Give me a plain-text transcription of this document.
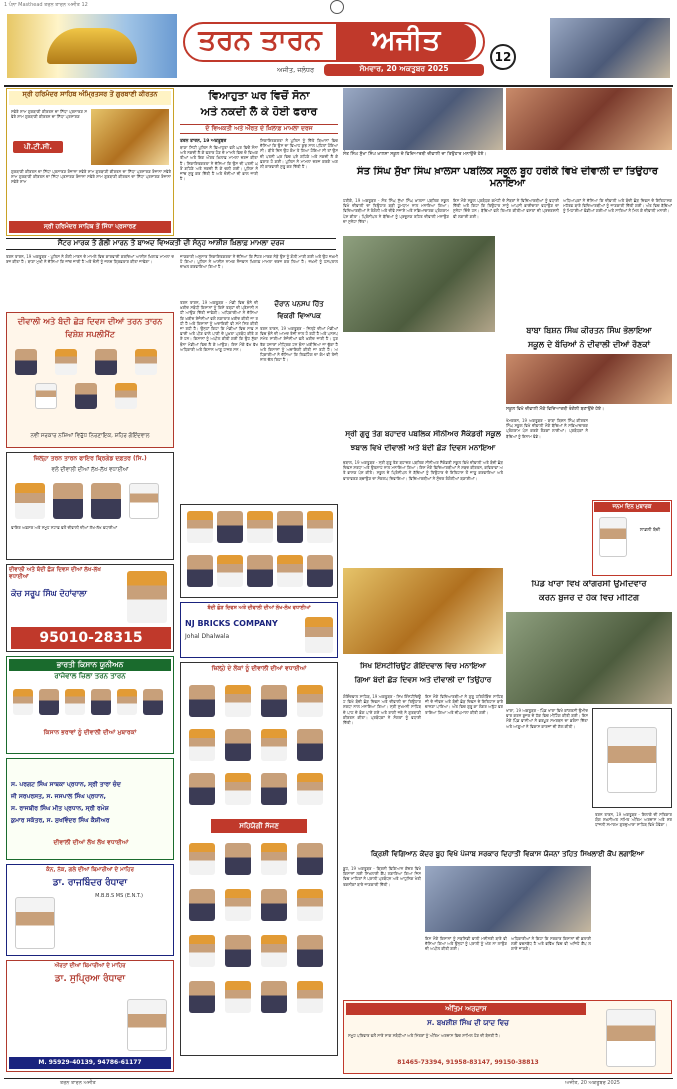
1 ਪੰਨਾ Masthead ਤਰਨ ਤਾਰਨ ਅਜੀਤ 12
ਤਰਨ ਤਾਰਨ	ਅਜੀਤ
ਅਜੀਤ, ਜਲੰਧਰ	ਸੋਮਵਾਰ, 20 ਅਕਤੂਬਰ 2025
12
ਸ੍ਰੀ ਹਰਿਮੰਦਰ ਸਾਹਿਬ ਅੰਮ੍ਰਿਤਸਰ ਤੋਂ ਗੁਰਬਾਣੀ ਕੀਰਤਨ
ਪੀ.ਟੀ.ਸੀ.
ਸਵੇਰੇ ਸ਼ਾਮ ਗੁਰਬਾਣੀ ਕੀਰਤਨ ਦਾ ਸਿੱਧਾ ਪ੍ਰਸਾਰਣ ਸਵੇਰੇ ਸ਼ਾਮ ਗੁਰਬਾਣੀ ਕੀਰਤਨ ਦਾ ਸਿੱਧਾ ਪ੍ਰਸਾਰਣ
ਗੁਰਬਾਣੀ ਕੀਰਤਨ ਦਾ ਸਿੱਧਾ ਪ੍ਰਸਾਰਣ ਰੋਜ਼ਾਨਾ ਸਵੇਰੇ ਸ਼ਾਮ ਗੁਰਬਾਣੀ ਕੀਰਤਨ ਦਾ ਸਿੱਧਾ ਪ੍ਰਸਾਰਣ ਰੋਜ਼ਾਨਾ ਸਵੇਰੇ ਸ਼ਾਮ ਗੁਰਬਾਣੀ ਕੀਰਤਨ ਦਾ ਸਿੱਧਾ ਪ੍ਰਸਾਰਣ ਰੋਜ਼ਾਨਾ ਸਵੇਰੇ ਸ਼ਾਮ ਗੁਰਬਾਣੀ ਕੀਰਤਨ ਦਾ ਸਿੱਧਾ ਪ੍ਰਸਾਰਣ ਰੋਜ਼ਾਨਾ ਸਵੇਰੇ ਸ਼ਾਮ
ਸ੍ਰੀ ਹਰਿਮੰਦਰ ਸਾਹਿਬ ਤੋਂ ਸਿੱਧਾ ਪ੍ਰਸਾਰਣ
ਸੈਂਟਰ ਮਾਰਕ ਤੋਂ ਗੋਲੀ ਮਾਰਨ ਤੋਂ ਬਾਅਦ ਵਿਅਕਤੀ ਦੀ ਸੰਨ੍ਹ ਆਸ਼ੀਸ਼ ਖ਼ਿਲਾਫ਼ ਮਾਮਲਾ ਦਰਜ
ਤਰਨ ਤਾਰਨ, 19 ਅਕਤੂਬਰ - ਪੁਲਿਸ ਨੇ ਗੋਲੀ ਮਾਰਨ ਦੇ ਮਾਮਲੇ ਵਿਚ ਕਾਰਵਾਈ ਕਰਦਿਆਂ ਆਸ਼ੀਸ਼ ਖ਼ਿਲਾਫ਼ ਮਾਮਲਾ ਦਰਜ ਕੀਤਾ ਹੈ। ਥਾਣਾ ਮੁਖੀ ਨੇ ਦੱਸਿਆ ਕਿ ਜਾਂਚ ਜਾਰੀ ਹੈ ਅਤੇ ਦੋਸ਼ੀ ਨੂੰ ਜਲਦ ਗ੍ਰਿਫ਼ਤਾਰ ਕੀਤਾ ਜਾਵੇਗਾ।
ਦੀਵਾਲੀ ਅਤੇ ਬੰਦੀ ਛੋੜ ਦਿਵਸ ਦੀਆਂ ਤਰਨ ਤਾਰਨ ਵਿਸ਼ੇਸ਼ ਸਪਲੀਮੈਂਟ
ਨਵੀਂ ਸਰਕਾਰ ਨਸ਼ਿਆਂ ਵਿਰੁੱਧ ਨਿਰਣਾਇਕ, ਸ਼ਹਿਰ ਗੋਇੰਦਵਾਲ
ਜ਼ਿਲ੍ਹਾ ਤਰਨ ਤਾਰਨ ਫਾਇਰ ਬ੍ਰਿਗੇਡ ਦਫ਼ਤਰ (ਸਿ.)
ਵਲੋਂ ਦੀਵਾਲੀ ਦੀਆਂ ਲੱਖ-ਲੱਖ ਵਧਾਈਆਂ
ਫਾਇਰ ਅਫ਼ਸਰ ਅਤੇ ਸਮੂਹ ਸਟਾਫ਼ ਵਲੋਂ ਦੀਵਾਲੀ ਦੀਆਂ ਲੱਖ-ਲੱਖ ਵਧਾਈਆਂ
ਦੀਵਾਲੀ ਅਤੇ ਬੰਦੀ ਛੋੜ ਦਿਵਸ ਦੀਆਂ ਲੱਖ-ਲੱਖ ਵਧਾਈਆਂ
ਕੋਚ ਸਰੂਪ ਸਿੰਘ ਦੋਹਾਂਵਾਲਾ
95010-28315
ਭਾਰਤੀ ਕਿਸਾਨ ਯੂਨੀਅਨ
ਰਾਜੇਵਾਲ ਜ਼ਿਲਾ ਤਰਨ ਤਾਰਨ
ਕਿਸਾਨ ਭਰਾਵਾਂ ਨੂੰ ਦੀਵਾਲੀ ਦੀਆਂ ਮੁਬਾਰਕਾਂ
ਸ. ਪਰਗਟ ਸਿੰਘ ਸਾਬਕਾ ਪ੍ਰਧਾਨ, ਸ੍ਰੀ ਤਾਰਾ ਚੰਦ
ਜੀ ਸਰਪਰਸਤ, ਸ. ਜਸਪਾਲ ਸਿੰਘ ਪ੍ਰਧਾਨ,
ਸ. ਰਾਜਬੀਰ ਸਿੰਘ ਮੀਤ ਪ੍ਰਧਾਨ, ਸ੍ਰੀ ਰਮੇਸ਼
ਕੁਮਾਰ ਸਕੱਤਰ, ਸ. ਸੁਖਵਿੰਦਰ ਸਿੰਘ ਕੈਸ਼ੀਅਰ
ਦੀਵਾਲੀ ਦੀਆਂ ਲੱਖ ਲੱਖ ਵਧਾਈਆਂ
ਕੰਨ, ਨੱਕ, ਗਲੇ ਦੀਆਂ ਬਿਮਾਰੀਆਂ ਦੇ ਮਾਹਿਰ
ਡਾ. ਰਾਜਬਿੰਦਰ ਰੰਧਾਵਾ
M.B.B.S MS (E.N.T.)
ਔਰਤਾਂ ਦੀਆਂ ਬਿਮਾਰੀਆਂ ਦੇ ਮਾਹਿਰ
ਡਾ. ਸੁਪ੍ਰਿਆ ਰੰਧਾਵਾ
M. 95929-40139, 94786-61177
ਵਿਆਹੁਤਾ ਘਰ ਵਿਚੋਂ ਸੋਨਾ
ਅਤੇ ਨਕਦੀ ਲੈ ਕੇ ਹੋਈ ਫਰਾਰ
ਦੋ ਵਿਅਕਤੀ ਅਤੇ ਔਰਤ ਦੇ ਖ਼ਿਲਾਫ਼ ਮਾਮਲਾ ਦਰਜ
ਤਰਨ ਤਾਰਨ, 19 ਅਕਤੂਬਰ
ਥਾਣਾ ਸਿਟੀ ਪੁਲਿਸ ਨੇ ਵਿਆਹੁਤਾ ਵਲੋਂ ਘਰ ਵਿਚੋਂ ਸੋਨਾ ਅਤੇ ਨਕਦੀ ਲੈ ਕੇ ਫਰਾਰ ਹੋਣ ਦੇ ਮਾਮਲੇ ਵਿਚ ਦੋ ਵਿਅਕਤੀਆਂ ਅਤੇ ਇਕ ਔਰਤ ਖ਼ਿਲਾਫ਼ ਮਾਮਲਾ ਦਰਜ ਕੀਤਾ ਹੈ। ਸ਼ਿਕਾਇਤਕਰਤਾ ਨੇ ਦੱਸਿਆ ਕਿ ਉਸ ਦੀ ਪਤਨੀ ਘਰੋਂ ਗਹਿਣੇ ਅਤੇ ਨਕਦੀ ਲੈ ਕੇ ਚਲੀ ਗਈ। ਪੁਲਿਸ ਨੇ ਜਾਂਚ ਸ਼ੁਰੂ ਕਰ ਦਿੱਤੀ ਹੈ ਅਤੇ ਦੋਸ਼ੀਆਂ ਦੀ ਭਾਲ ਜਾਰੀ ਹੈ।
ਸ਼ਿਕਾਇਤਕਰਤਾ ਨੇ ਪੁਲਿਸ ਨੂੰ ਦਿੱਤੇ ਬਿਆਨਾਂ ਵਿਚ ਦੱਸਿਆ ਕਿ ਉਸ ਦਾ ਵਿਆਹ ਕੁਝ ਸਾਲ ਪਹਿਲਾਂ ਹੋਇਆ ਸੀ। ਬੀਤੇ ਦਿਨ ਉਹ ਕੰਮ ਤੇ ਗਿਆ ਹੋਇਆ ਸੀ ਤਾਂ ਉਸ ਦੀ ਪਤਨੀ ਘਰ ਵਿਚ ਪਏ ਗਹਿਣੇ ਅਤੇ ਨਕਦੀ ਲੈ ਕੇ ਫ਼ਰਾਰ ਹੋ ਗਈ। ਪੁਲਿਸ ਨੇ ਮਾਮਲਾ ਦਰਜ ਕਰਕੇ ਅਗਲੀ ਕਾਰਵਾਈ ਸ਼ੁਰੂ ਕਰ ਦਿੱਤੀ ਹੈ।
ਜਾਣਕਾਰੀ ਅਨੁਸਾਰ ਸ਼ਿਕਾਇਤਕਰਤਾ ਨੇ ਦੱਸਿਆ ਕਿ ਸੈਂਟਰ ਮਾਰਕ ਨੇੜੇ ਉਸ ਨੂੰ ਗੋਲੀ ਮਾਰੀ ਗਈ ਅਤੇ ਉਹ ਜ਼ਖ਼ਮੀ ਹੋ ਗਿਆ। ਪੁਲਿਸ ਨੇ ਆਸ਼ੀਸ਼ ਨਾਮਕ ਨੌਜਵਾਨ ਖ਼ਿਲਾਫ਼ ਮਾਮਲਾ ਦਰਜ ਕਰ ਲਿਆ ਹੈ। ਜ਼ਖ਼ਮੀ ਨੂੰ ਹਸਪਤਾਲ ਦਾਖ਼ਲ ਕਰਵਾਇਆ ਗਿਆ ਹੈ।
ਤਰਨ ਤਾਰਨ, 19 ਅਕਤੂਬਰ - ਮੰਡੀ ਵਿਚ ਝੋਨੇ ਦੀ ਖ਼ਰੀਦ ਸਬੰਧੀ ਕਿਸਾਨਾਂ ਨੂੰ ਕਿਸੇ ਤਰ੍ਹਾਂ ਦੀ ਪ੍ਰੇਸ਼ਾਨੀ ਨਹੀਂ ਆਉਣ ਦਿੱਤੀ ਜਾਵੇਗੀ। ਅਧਿਕਾਰੀਆਂ ਨੇ ਦੱਸਿਆ ਕਿ ਖ਼ਰੀਦ ਏਜੰਸੀਆਂ ਵਲੋਂ ਲਗਾਤਾਰ ਖ਼ਰੀਦ ਕੀਤੀ ਜਾ ਰਹੀ ਹੈ ਅਤੇ ਕਿਸਾਨਾਂ ਨੂੰ ਅਦਾਇਗੀ ਵੀ ਸਮੇਂ ਸਿਰ ਕੀਤੀ ਜਾ ਰਹੀ ਹੈ। ਉਨ੍ਹਾਂ ਕਿਹਾ ਕਿ ਮੰਡੀਆਂ ਵਿਚ ਸਾਫ਼ ਸਫ਼ਾਈ ਅਤੇ ਪੀਣ ਵਾਲੇ ਪਾਣੀ ਦੇ ਪੁਖ਼ਤਾ ਪ੍ਰਬੰਧ ਕੀਤੇ ਗਏ ਹਨ। ਕਿਸਾਨਾਂ ਨੂੰ ਅਪੀਲ ਕੀਤੀ ਗਈ ਕਿ ਉਹ ਸੁੱਕਾ ਝੋਨਾ ਮੰਡੀਆਂ ਵਿਚ ਲੈ ਕੇ ਆਉਣ। ਇਸ ਮੌਕੇ ਵੱਖ ਵੱਖ ਅਧਿਕਾਰੀ ਅਤੇ ਕਿਸਾਨ ਆਗੂ ਹਾਜ਼ਰ ਸਨ।
ਦੌਰਾਨ ਪਨਸਪ ਹਿੱਤ
ਵਿਕਰੀ ਵਿਆਪਕ
ਤਰਨ ਤਾਰਨ, 19 ਅਕਤੂਬਰ - ਜ਼ਿਲ੍ਹੇ ਦੀਆਂ ਮੰਡੀਆਂ ਵਿਚ ਝੋਨੇ ਦੀ ਆਮਦ ਤੇਜ਼ੀ ਨਾਲ ਹੋ ਰਹੀ ਹੈ ਅਤੇ ਪਨਸਪ ਸਮੇਤ ਸਾਰੀਆਂ ਏਜੰਸੀਆਂ ਵਲੋਂ ਖ਼ਰੀਦ ਜਾਰੀ ਹੈ। ਹੁਣ ਤੱਕ ਹਜ਼ਾਰਾਂ ਮੀਟ੍ਰਿਕ ਟਨ ਝੋਨਾ ਖ਼ਰੀਦਿਆ ਜਾ ਚੁੱਕਾ ਹੈ ਅਤੇ ਕਿਸਾਨਾਂ ਨੂੰ ਅਦਾਇਗੀ ਕੀਤੀ ਜਾ ਰਹੀ ਹੈ। ਅਧਿਕਾਰੀਆਂ ਨੇ ਦੱਸਿਆ ਕਿ ਲਿਫ਼ਟਿੰਗ ਦਾ ਕੰਮ ਵੀ ਤੇਜ਼ੀ ਨਾਲ ਚੱਲ ਰਿਹਾ ਹੈ।
ਬੰਦੀ ਛੋੜ ਦਿਵਸ ਅਤੇ ਦੀਵਾਲੀ ਦੀਆਂ ਲੱਖ-ਲੱਖ ਵਧਾਈਆਂ
NJ BRICKS COMPANY
Johal Dhalwala
ਜ਼ਿਲ੍ਹੇ ਦੇ ਲੋਕਾਂ ਨੂੰ ਦੀਵਾਲੀ ਦੀਆਂ ਵਧਾਈਆਂ
ਸਹਿਯੋਗੀ ਸੱਜਣ
ਸੰਤ ਸਿੰਘ ਸੁੱਖਾ ਸਿੰਘ ਖ਼ਾਲਸਾ ਸਕੂਲ ਦੇ ਵਿਦਿਆਰਥੀ ਦੀਵਾਲੀ ਦਾ ਤਿਉਹਾਰ ਮਨਾਉਂਦੇ ਹੋਏ।
ਸੰਤ ਸਿੰਘ ਸੁੱਖਾ ਸਿੰਘ ਖ਼ਾਲਸਾ ਪਬਲਿਕ ਸਕੂਲ ਬੂਹ ਹਰੀਕੇ ਵਿਖੇ ਦੀਵਾਲੀ ਦਾ ਤਿਉਹਾਰ ਮਨਾਇਆ
ਹਰੀਕੇ, 19 ਅਕਤੂਬਰ - ਸੰਤ ਸਿੰਘ ਸੁੱਖਾ ਸਿੰਘ ਖ਼ਾਲਸਾ ਪਬਲਿਕ ਸਕੂਲ ਵਿਖੇ ਦੀਵਾਲੀ ਦਾ ਤਿਉਹਾਰ ਬੜੀ ਧੂਮਧਾਮ ਨਾਲ ਮਨਾਇਆ ਗਿਆ। ਵਿਦਿਆਰਥੀਆਂ ਨੇ ਰੰਗੋਲੀ ਅਤੇ ਦੀਵੇ ਸਜਾਏ ਅਤੇ ਸਭਿਆਚਾਰਕ ਪ੍ਰੋਗਰਾਮ ਪੇਸ਼ ਕੀਤਾ। ਪ੍ਰਿੰਸੀਪਲ ਨੇ ਬੱਚਿਆਂ ਨੂੰ ਪ੍ਰਦੂਸ਼ਣ ਰਹਿਤ ਦੀਵਾਲੀ ਮਨਾਉਣ ਦਾ ਸੁਨੇਹਾ ਦਿੱਤਾ।
ਇਸ ਮੌਕੇ ਸਕੂਲ ਪ੍ਰਬੰਧਕ ਕਮੇਟੀ ਦੇ ਮੈਂਬਰਾਂ ਨੇ ਵਿਦਿਆਰਥੀਆਂ ਨੂੰ ਵਧਾਈ ਦਿੱਤੀ ਅਤੇ ਕਿਹਾ ਕਿ ਤਿਉਹਾਰ ਸਾਨੂੰ ਆਪਸੀ ਭਾਈਚਾਰਾ ਵਧਾਉਣ ਦਾ ਸੁਨੇਹਾ ਦਿੰਦੇ ਹਨ। ਬੱਚਿਆਂ ਵਲੋਂ ਤਿਆਰ ਕੀਤੀਆਂ ਵਸਤਾਂ ਦੀ ਪ੍ਰਦਰਸ਼ਨੀ ਵੀ ਲਗਾਈ ਗਈ।
ਅਧਿਆਪਕਾਂ ਨੇ ਦੱਸਿਆ ਕਿ ਦੀਵਾਲੀ ਅਤੇ ਬੰਦੀ ਛੋੜ ਦਿਵਸ ਦੇ ਇਤਿਹਾਸਕ ਮਹੱਤਵ ਬਾਰੇ ਵਿਦਿਆਰਥੀਆਂ ਨੂੰ ਜਾਣਕਾਰੀ ਦਿੱਤੀ ਗਈ। ਅੰਤ ਵਿਚ ਬੱਚਿਆਂ ਨੂੰ ਮਿਠਾਈਆਂ ਵੰਡੀਆਂ ਗਈਆਂ ਅਤੇ ਸਾਰਿਆਂ ਨੇ ਮਿਲ ਕੇ ਦੀਵਾਲੀ ਮਨਾਈ।
ਬਾਬਾ ਬਿਸ਼ਨ ਸਿੰਘ ਕੀਰਤਨ ਸਿੰਘ ਭੋਲਾਇਆ
ਸਕੂਲ ਦੇ ਬੱਚਿਆਂ ਨੇ ਦੀਵਾਲੀ ਦੀਆਂ ਰੌਣਕਾਂ
ਸਕੂਲ ਵਿਖੇ ਦੀਵਾਲੀ ਮੌਕੇ ਵਿਦਿਆਰਥੀ ਰੰਗੋਲੀ ਬਣਾਉਂਦੇ ਹੋਏ।
ਸ੍ਰੀ ਗੁਰੂ ਤੇਗ ਬਹਾਦਰ ਪਬਲਿਕ ਸੀਨੀਅਰ ਸੈਕੰਡਰੀ ਸਕੂਲ
ਝਬਾਲ ਵਿਖੇ ਦੀਵਾਲੀ ਅਤੇ ਬੰਦੀ ਛੋੜ ਦਿਵਸ ਮਨਾਇਆ
ਝਬਾਲ, 19 ਅਕਤੂਬਰ - ਸ੍ਰੀ ਗੁਰੂ ਤੇਗ ਬਹਾਦਰ ਪਬਲਿਕ ਸੀਨੀਅਰ ਸੈਕੰਡਰੀ ਸਕੂਲ ਵਿਖੇ ਦੀਵਾਲੀ ਅਤੇ ਬੰਦੀ ਛੋੜ ਦਿਵਸ ਸ਼ਰਧਾ ਅਤੇ ਉਤਸ਼ਾਹ ਨਾਲ ਮਨਾਇਆ ਗਿਆ। ਇਸ ਮੌਕੇ ਵਿਦਿਆਰਥੀਆਂ ਨੇ ਸ਼ਬਦ ਕੀਰਤਨ, ਕਵਿਤਾਵਾਂ ਅਤੇ ਭਾਸ਼ਣ ਪੇਸ਼ ਕੀਤੇ। ਸਕੂਲ ਦੇ ਪ੍ਰਿੰਸੀਪਲ ਨੇ ਬੱਚਿਆਂ ਨੂੰ ਤਿਉਹਾਰ ਦੇ ਇਤਿਹਾਸ ਤੋਂ ਜਾਣੂ ਕਰਵਾਇਆ ਅਤੇ ਵਾਤਾਵਰਣ ਬਚਾਉਣ ਦਾ ਸੰਕਲਪ ਦਿਵਾਇਆ। ਵਿਦਿਆਰਥੀਆਂ ਨੇ ਸੁੰਦਰ ਰੰਗੋਲੀਆਂ ਬਣਾਈਆਂ।
ਖੇਮਕਰਨ, 19 ਅਕਤੂਬਰ - ਬਾਬਾ ਬਿਸ਼ਨ ਸਿੰਘ ਕੀਰਤਨ ਸਿੰਘ ਸਕੂਲ ਵਿਖੇ ਦੀਵਾਲੀ ਮੌਕੇ ਬੱਚਿਆਂ ਨੇ ਸਭਿਆਚਾਰਕ ਪ੍ਰੋਗਰਾਮ ਪੇਸ਼ ਕਰਕੇ ਰੌਣਕਾਂ ਲਾਈਆਂ। ਪ੍ਰਬੰਧਕਾਂ ਨੇ ਬੱਚਿਆਂ ਨੂੰ ਇਨਾਮ ਵੰਡੇ।
ਜਨਮ ਦਿਨ ਮੁਬਾਰਕ
ਲਾਡਲੀ ਬੱਚੀ
ਪਿੰਡ ਖਾਰਾ ਵਿਖੇ ਕਾਂਗਰਸੀ ਉਮੀਦਵਾਰ
ਕਰਨ ਬੁਜਰ ਦੇ ਹੱਕ ਵਿਚ ਮੀਟਿੰਗ
ਸਿਖ ਇੰਸਟੀਚਿਊਟ ਗੋਇੰਦਵਾਲ ਵਿਚ ਮਨਾਇਆ
ਗਿਆ ਬੰਦੀ ਛੋੜ ਦਿਵਸ ਅਤੇ ਦੀਵਾਲੀ ਦਾ ਤਿਉਹਾਰ
ਗੋਇੰਦਵਾਲ ਸਾਹਿਬ, 19 ਅਕਤੂਬਰ - ਸਿਖ ਇੰਸਟੀਚਿਊਟ ਵਿਖੇ ਬੰਦੀ ਛੋੜ ਦਿਵਸ ਅਤੇ ਦੀਵਾਲੀ ਦਾ ਤਿਉਹਾਰ ਸ਼ਰਧਾ ਨਾਲ ਮਨਾਇਆ ਗਿਆ। ਸ੍ਰੀ ਸੁਖਮਨੀ ਸਾਹਿਬ ਦੇ ਪਾਠ ਦੇ ਭੋਗ ਪਾਏ ਗਏ ਅਤੇ ਰਾਗੀ ਜਥੇ ਨੇ ਗੁਰਬਾਣੀ ਕੀਰਤਨ ਕੀਤਾ। ਪ੍ਰਬੰਧਕਾਂ ਨੇ ਸੰਗਤਾਂ ਨੂੰ ਵਧਾਈ ਦਿੱਤੀ।
ਇਸ ਮੌਕੇ ਵਿਦਿਆਰਥੀਆਂ ਨੇ ਗੁਰੂ ਹਰਿਗੋਬਿੰਦ ਸਾਹਿਬ ਜੀ ਦੇ ਜੀਵਨ ਅਤੇ ਬੰਦੀ ਛੋੜ ਦਿਵਸ ਦੇ ਇਤਿਹਾਸ ਬਾਰੇ ਚਾਨਣਾ ਪਾਇਆ। ਅੰਤ ਵਿਚ ਗੁਰੂ ਕਾ ਲੰਗਰ ਅਤੁੱਟ ਵਰਤਾਇਆ ਗਿਆ ਅਤੇ ਦੀਪਮਾਲਾ ਕੀਤੀ ਗਈ।	ਖਾਰਾ, 19 ਅਕਤੂਬਰ - ਪਿੰਡ ਖਾਰਾ ਵਿਖੇ ਕਾਂਗਰਸੀ ਉਮੀਦਵਾਰ ਕਰਨ ਬੁਜਰ ਦੇ ਹੱਕ ਵਿਚ ਮੀਟਿੰਗ ਕੀਤੀ ਗਈ। ਇਸ ਮੌਕੇ ਪਿੰਡ ਵਾਸੀਆਂ ਨੇ ਭਰਪੂਰ ਸਮਰਥਨ ਦਾ ਭਰੋਸਾ ਦਿੱਤਾ ਅਤੇ ਆਗੂਆਂ ਨੇ ਵਿਕਾਸ ਕਾਰਜਾਂ ਦੀ ਗੱਲ ਕੀਤੀ।
ਕ੍ਰਿਸ਼ੀ ਵਿਗਿਆਨ ਕੇਂਦਰ ਬੂਹ ਵਿਖੇ ਪੰਜਾਬ ਸਰਕਾਰ ਦਿਹਾਤੀ ਵਿਕਾਸ ਯੋਜਨਾ ਤਹਿਤ ਸਿਖਲਾਈ ਕੈਂਪ ਲਗਾਇਆ
ਬੂਹ, 19 ਅਕਤੂਬਰ - ਕ੍ਰਿਸ਼ੀ ਵਿਗਿਆਨ ਕੇਂਦਰ ਵਿਖੇ ਕਿਸਾਨਾਂ ਲਈ ਸਿਖਲਾਈ ਕੈਂਪ ਲਗਾਇਆ ਗਿਆ ਜਿਸ ਵਿਚ ਮਾਹਿਰਾਂ ਨੇ ਪਰਾਲੀ ਪ੍ਰਬੰਧਨ ਅਤੇ ਆਧੁਨਿਕ ਖੇਤੀ ਤਕਨੀਕਾਂ ਬਾਰੇ ਜਾਣਕਾਰੀ ਦਿੱਤੀ।
ਇਸ ਮੌਕੇ ਕਿਸਾਨਾਂ ਨੂੰ ਸਬਸਿਡੀ ਵਾਲੀ ਮਸ਼ੀਨਰੀ ਬਾਰੇ ਵੀ ਦੱਸਿਆ ਗਿਆ ਅਤੇ ਉਨ੍ਹਾਂ ਨੂੰ ਪਰਾਲੀ ਨੂੰ ਅੱਗ ਨਾ ਲਾਉਣ ਦੀ ਅਪੀਲ ਕੀਤੀ ਗਈ।
ਅਧਿਕਾਰੀਆਂ ਨੇ ਕਿਹਾ ਕਿ ਸਰਕਾਰ ਕਿਸਾਨਾਂ ਦੀ ਭਲਾਈ ਲਈ ਵਚਨਬੱਧ ਹੈ ਅਤੇ ਭਵਿੱਖ ਵਿਚ ਵੀ ਅਜਿਹੇ ਕੈਂਪ ਲਗਾਏ ਜਾਣਗੇ।
ਤਰਨ ਤਾਰਨ, 19 ਅਕਤੂਬਰ - ਇਲਾਕੇ ਦੀ ਸਤਿਕਾਰਯੋਗ ਸ਼ਖ਼ਸੀਅਤ ਨਮਿਤ ਅੰਤਿਮ ਅਰਦਾਸ ਅਤੇ ਸ਼ਰਧਾਂਜਲੀ ਸਮਾਗਮ ਗੁਰਦੁਆਰਾ ਸਾਹਿਬ ਵਿਖੇ ਹੋਵੇਗਾ।
ਅੰਤਿਮ ਅਰਦਾਸ
ਸ. ਬਖਸ਼ੀਸ਼ ਸਿੰਘ ਦੀ ਯਾਦ ਵਿਚ
ਸਮੂਹ ਪਰਿਵਾਰ ਵਲੋਂ ਸਾਰੇ ਸਾਕ ਸਬੰਧੀਆਂ ਅਤੇ ਮਿੱਤਰਾਂ ਨੂੰ ਅੰਤਿਮ ਅਰਦਾਸ ਵਿਚ ਸ਼ਾਮਿਲ ਹੋਣ ਦੀ ਬੇਨਤੀ ਹੈ।
81465-73394, 91958-83147, 99150-38813
ਤਰਨ ਤਾਰਨ ਅਜੀਤ	ਅਜੀਤ, 20 ਅਕਤੂਬਰ 2025
